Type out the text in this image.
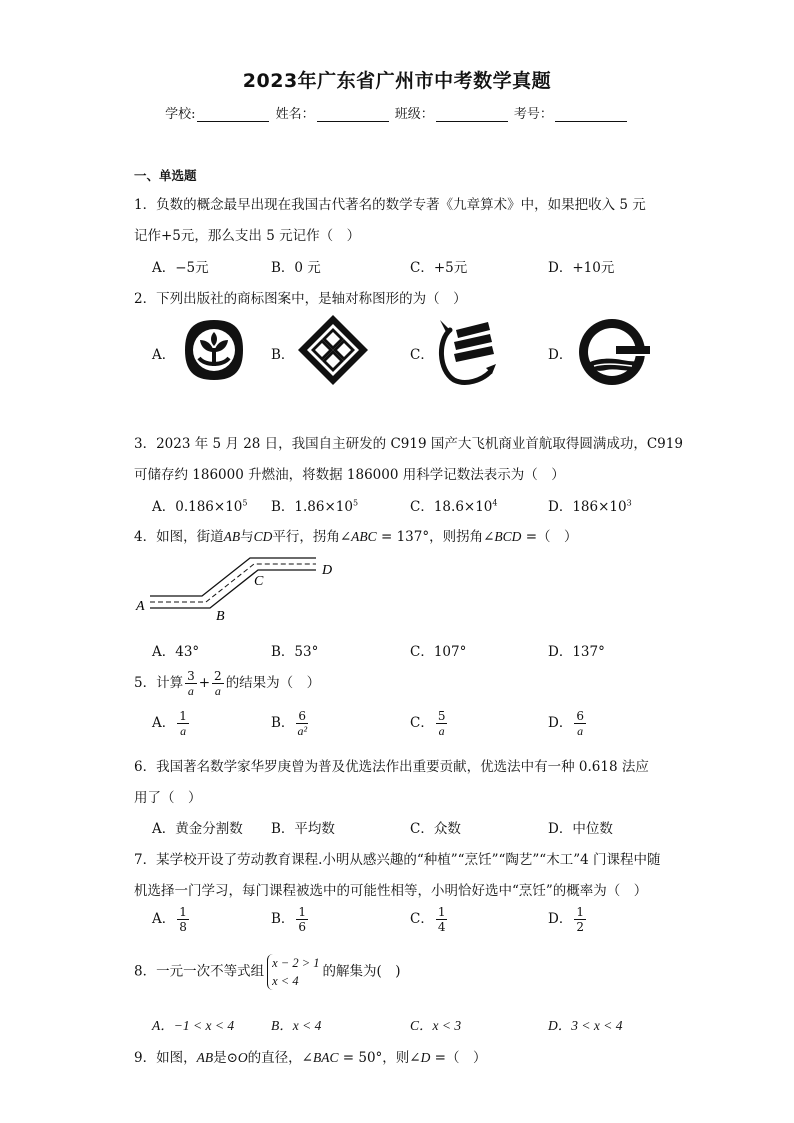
2023年广东省广州市中考数学真题
学校:	姓名：	班级：	考号：
一、单选题
1．负数的概念最早出现在我国古代著名的数学专著《九章算术》中，如果把收入 5 元
记作+5元，那么支出 5 元记作（　）
A．−5元	B．0 元	C．+5元	D．+10元
2．下列出版社的商标图案中，是轴对称图形的为（　）
A．	B．	C．	D．
3．2023 年 5 月 28 日，我国自主研发的 C919 国产大飞机商业首航取得圆满成功，C919
可储存约 186000 升燃油，将数据 186000 用科学记数法表示为（　）
A．$0.186\times 10^5$ B．$1.86\times 10^5$	C．$18.6\times 10^4$	D．$186\times 10^3$
4．如图，街道AB与CD平行，拐角∠ABC = 137°，则拐角∠BCD =（　）
A
B
C
D
A．43°	B．53°	C．107°	D．137°
5．计算 $\frac{3}{a} + \frac{2}{a}$ 的结果为（　）
A． $\frac{1}{a}$	B． $\frac{6}{\text{a²}}$	C． $\frac{5}{a}$	D． $\frac{6}{a}$
6．我国著名数学家华罗庚曾为普及优选法作出重要贡献，优选法中有一种 0.618 法应
用了（　）
A．黄金分割数 B．平均数	C．众数	D．中位数
7．某学校开设了劳动教育课程.小明从感兴趣的“种植”“烹饪”“陶艺”“木工”4 门课程中随
机选择一门学习，每门课程被选中的可能性相等，小明恰好选中“烹饪”的概率为（　）
A． $\frac{1}{8}$	B． $\frac{1}{6}$	C． $\frac{1}{4}$	D． $\frac{1}{2}$
8．一元一次不等式组
x − 2 > 1
x < 4
的解集为(　)
A．−1 < x < 4	B．x < 4	C．x < 3	D．3 < x < 4
9．如图，AB是⊙O的直径，∠BAC = 50°，则∠D =（　）
